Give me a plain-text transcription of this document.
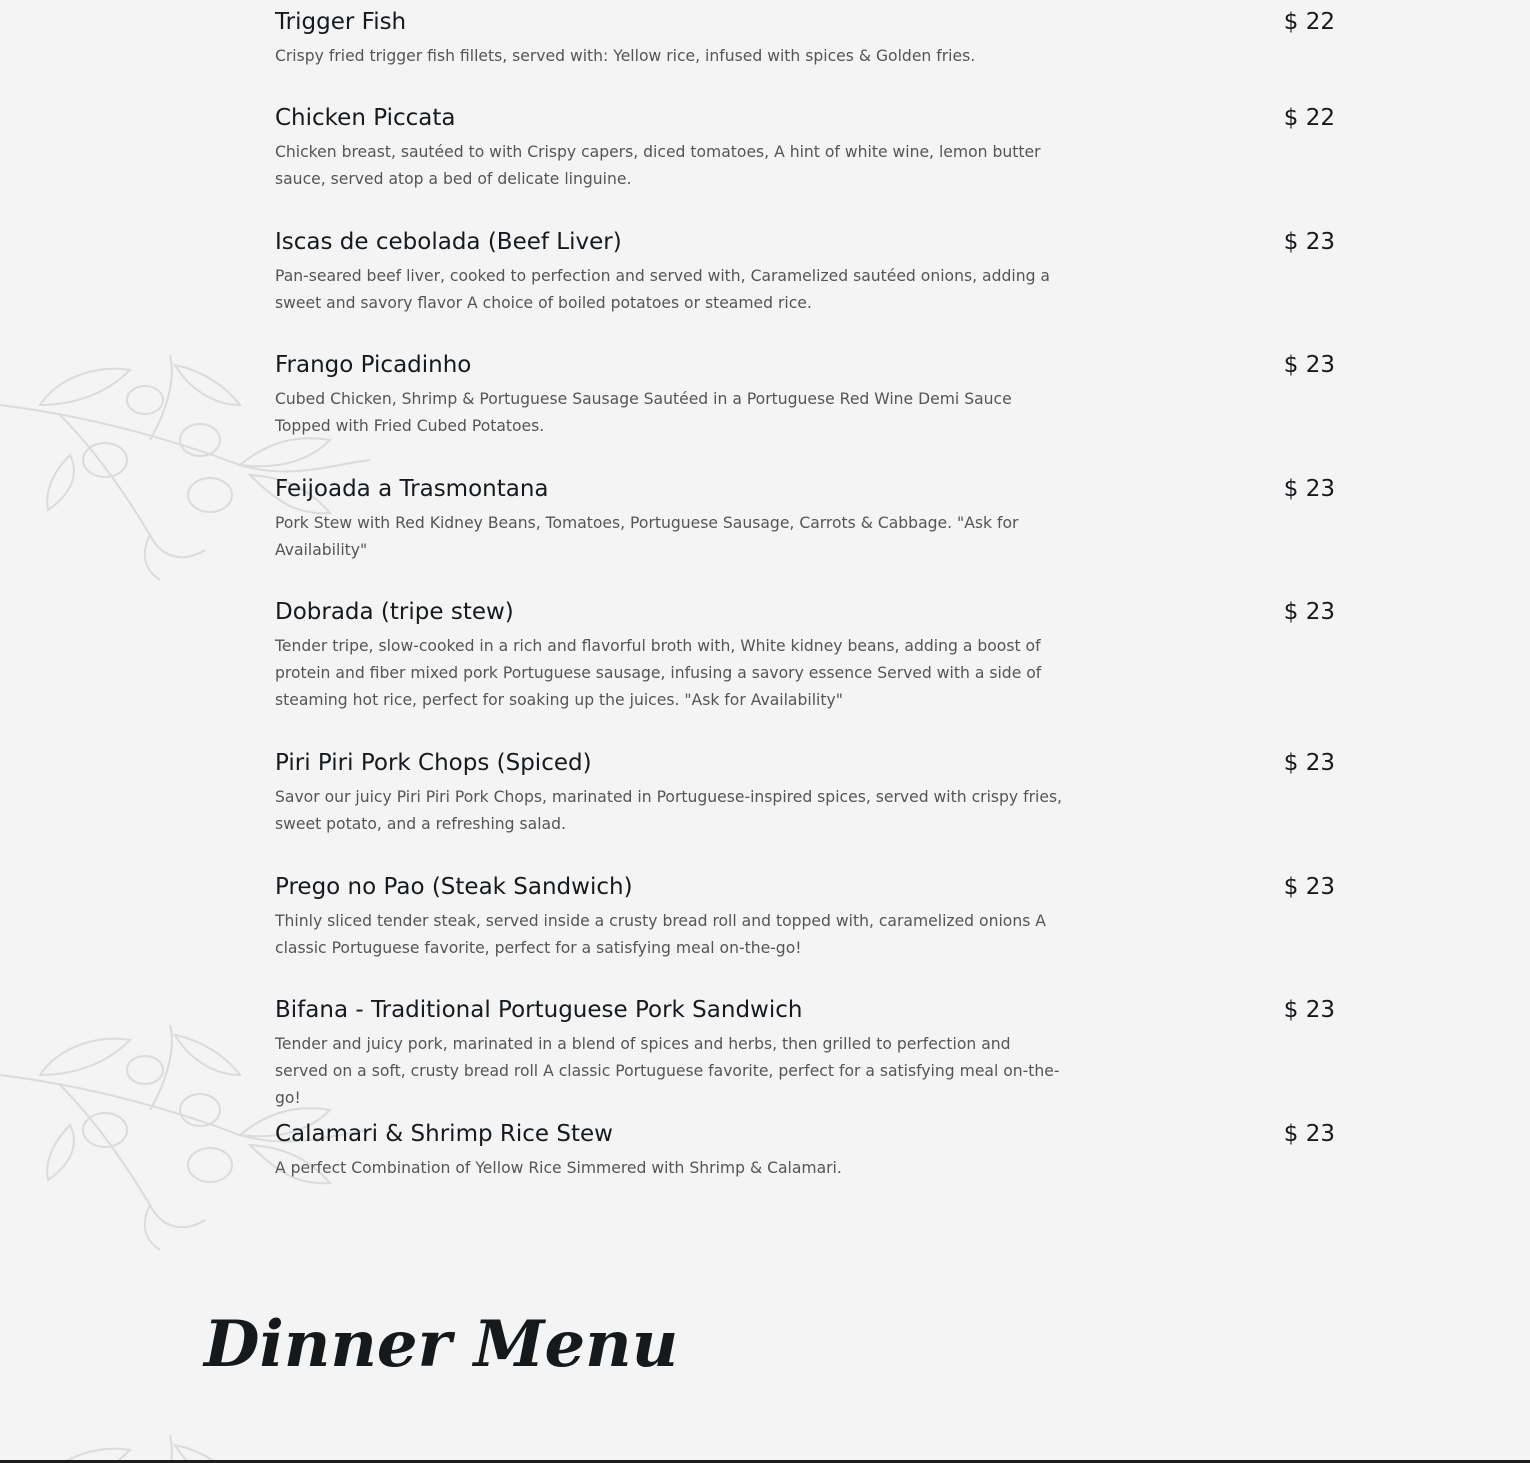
Trigger Fish	$ 22
Crispy fried trigger fish fillets, served with: Yellow rice, infused with spices & Golden fries.
Chicken Piccata	$ 22
Chicken breast, sautéed to with Crispy capers, diced tomatoes, A hint of white wine, lemon butter sauce, served atop a bed of delicate linguine.
Iscas de cebolada (Beef Liver)	$ 23
Pan-seared beef liver, cooked to perfection and served with, Caramelized sautéed onions, adding a sweet and savory flavor A choice of boiled potatoes or steamed rice.
Frango Picadinho	$ 23
Cubed Chicken, Shrimp & Portuguese Sausage Sautéed in a Portuguese Red Wine Demi Sauce Topped with Fried Cubed Potatoes.
Feijoada a Trasmontana	$ 23
Pork Stew with Red Kidney Beans, Tomatoes, Portuguese Sausage, Carrots & Cabbage. "Ask for Availability"
Dobrada (tripe stew)	$ 23
Tender tripe, slow-cooked in a rich and flavorful broth with, White kidney beans, adding a boost of protein and fiber mixed pork Portuguese sausage, infusing a savory essence Served with a side of steaming hot rice, perfect for soaking up the juices. "Ask for Availability"
Piri Piri Pork Chops (Spiced)	$ 23
Savor our juicy Piri Piri Pork Chops, marinated in Portuguese-inspired spices, served with crispy fries, sweet potato, and a refreshing salad.
Prego no Pao (Steak Sandwich)	$ 23
Thinly sliced tender steak, served inside a crusty bread roll and topped with, caramelized onions A classic Portuguese favorite, perfect for a satisfying meal on-the-go!
Bifana - Traditional Portuguese Pork Sandwich	$ 23
Tender and juicy pork, marinated in a blend of spices and herbs, then grilled to perfection and served on a soft, crusty bread roll A classic Portuguese favorite, perfect for a satisfying meal on-the-go!
Calamari & Shrimp Rice Stew	$ 23
A perfect Combination of Yellow Rice Simmered with Shrimp & Calamari.
Dinner Menu
